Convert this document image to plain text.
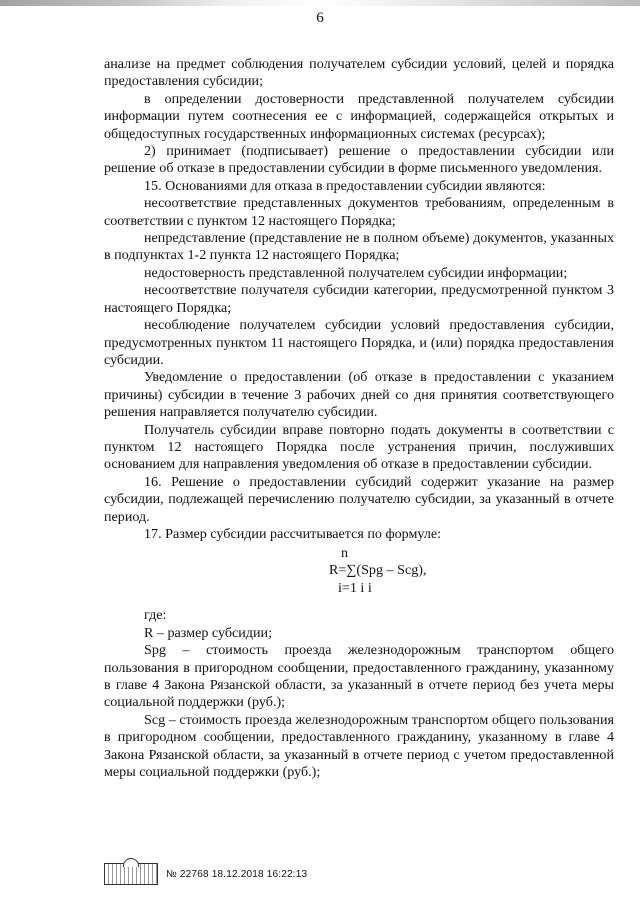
6

анализе на предмет соблюдения получателем субсидии условий, целей и порядка предоставления субсидии;

в определении достоверности представленной получателем субсидии информации путем соотнесения ее с информацией, содержащейся открытых и общедоступных государственных информационных системах (ресурсах);

2) принимает (подписывает) решение о предоставлении субсидии или решение об отказе в предоставлении субсидии в форме письменного уведомления.

15. Основаниями для отказа в предоставлении субсидии являются:

несоответствие представленных документов требованиям, определенным в соответствии с пунктом 12 настоящего Порядка;

непредставление (представление не в полном объеме) документов, указанных в подпунктах 1-2 пункта 12 настоящего Порядка;

недостоверность представленной получателем субсидии информации;

несоответствие получателя субсидии категории, предусмотренной пунктом 3 настоящего Порядка;

несоблюдение получателем субсидии условий предоставления субсидии, предусмотренных пунктом 11 настоящего Порядка, и (или) порядка предоставления субсидии.

Уведомление о предоставлении (об отказе в предоставлении с указанием причины) субсидии в течение 3 рабочих дней со дня принятия соответствующего решения направляется получателю субсидии.

Получатель субсидии вправе повторно подать документы в соответствии с пунктом 12 настоящего Порядка после устранения причин, послуживших основанием для направления уведомления об отказе в предоставлении субсидии.

16. Решение о предоставлении субсидий содержит указание на размер субсидии, подлежащей перечислению получателю субсидии, за указанный в отчете период.

17. Размер субсидии рассчитывается по формуле:

n
R=∑(Spg – Scg),
i=1 i i

где:

R – размер субсидии;

Spg – стоимость проезда железнодорожным транспортом общего пользования в пригородном сообщении, предоставленного гражданину, указанному в главе 4 Закона Рязанской области, за указанный в отчете период без учета меры социальной поддержки (руб.);

Scg – стоимость проезда железнодорожным транспортом общего пользования в пригородном сообщении, предоставленного гражданину, указанному в главе 4 Закона Рязанской области, за указанный в отчете период с учетом предоставленной меры социальной поддержки (руб.);

№ 22768 18.12.2018 16:22:13
